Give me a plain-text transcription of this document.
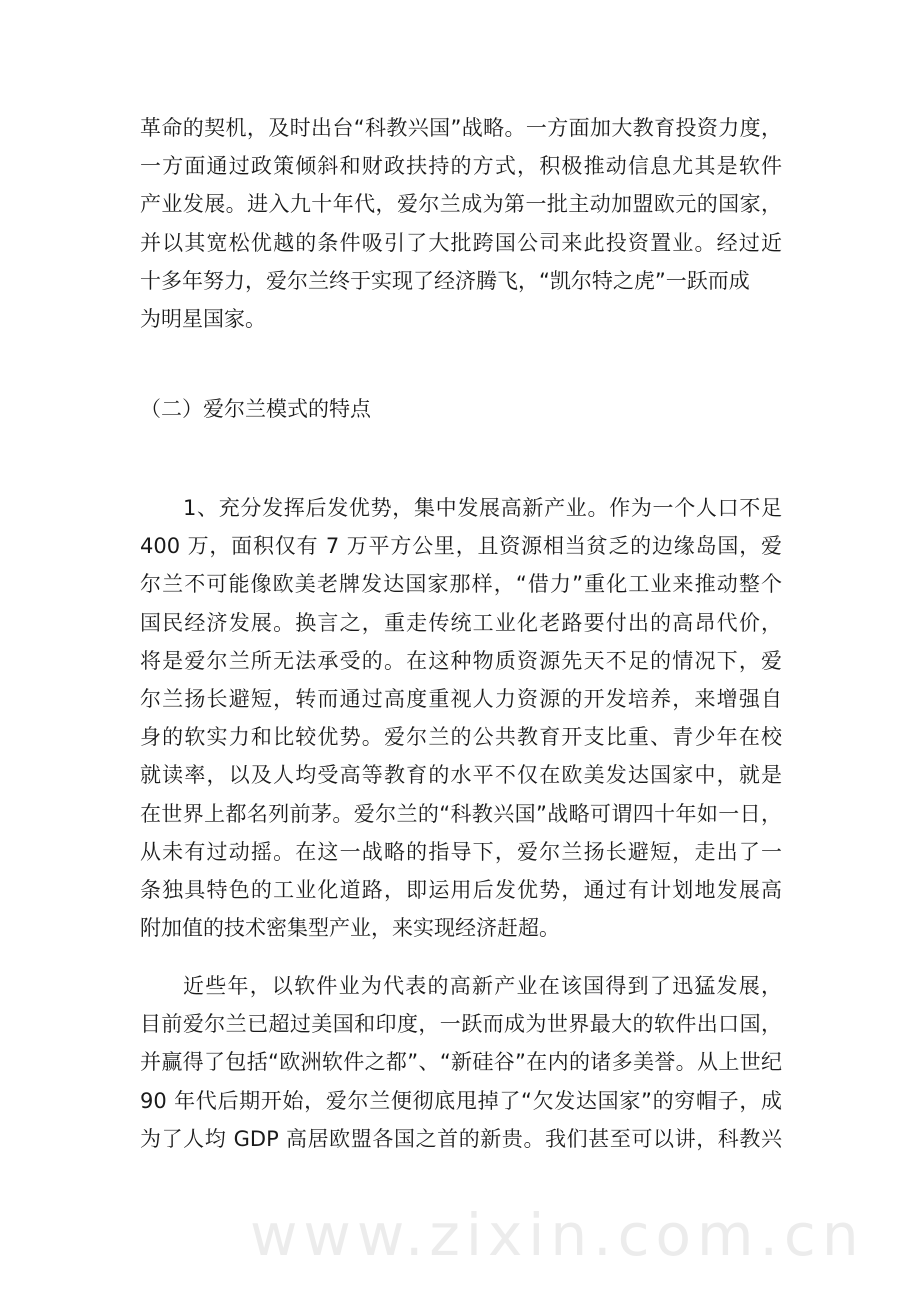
www.zixin.com.cn
革命的契机，及时出台“科教兴国”战略。一方面加大教育投资力度，
一方面通过政策倾斜和财政扶持的方式，积极推动信息尤其是软件
产业发展。进入九十年代，爱尔兰成为第一批主动加盟欧元的国家，
并以其宽松优越的条件吸引了大批跨国公司来此投资置业。经过近
十多年努力，爱尔兰终于实现了经济腾飞，“凯尔特之虎”一跃而成
为明星国家。
（二）爱尔兰模式的特点
1、充分发挥后发优势，集中发展高新产业。作为一个人口不足
400 万，面积仅有 7 万平方公里，且资源相当贫乏的边缘岛国，爱
尔兰不可能像欧美老牌发达国家那样，“借力”重化工业来推动整个
国民经济发展。换言之，重走传统工业化老路要付出的高昂代价，
将是爱尔兰所无法承受的。在这种物质资源先天不足的情况下，爱
尔兰扬长避短，转而通过高度重视人力资源的开发培养，来增强自
身的软实力和比较优势。爱尔兰的公共教育开支比重、青少年在校
就读率，以及人均受高等教育的水平不仅在欧美发达国家中，就是
在世界上都名列前茅。爱尔兰的“科教兴国”战略可谓四十年如一日，
从未有过动摇。在这一战略的指导下，爱尔兰扬长避短，走出了一
条独具特色的工业化道路，即运用后发优势，通过有计划地发展高
附加值的技术密集型产业，来实现经济赶超。
近些年，以软件业为代表的高新产业在该国得到了迅猛发展，
目前爱尔兰已超过美国和印度，一跃而成为世界最大的软件出口国，
并赢得了包括“欧洲软件之都”、“新硅谷”在内的诸多美誉。从上世纪
90 年代后期开始，爱尔兰便彻底甩掉了“欠发达国家”的穷帽子，成
为了人均 GDP 高居欧盟各国之首的新贵。我们甚至可以讲，科教兴
